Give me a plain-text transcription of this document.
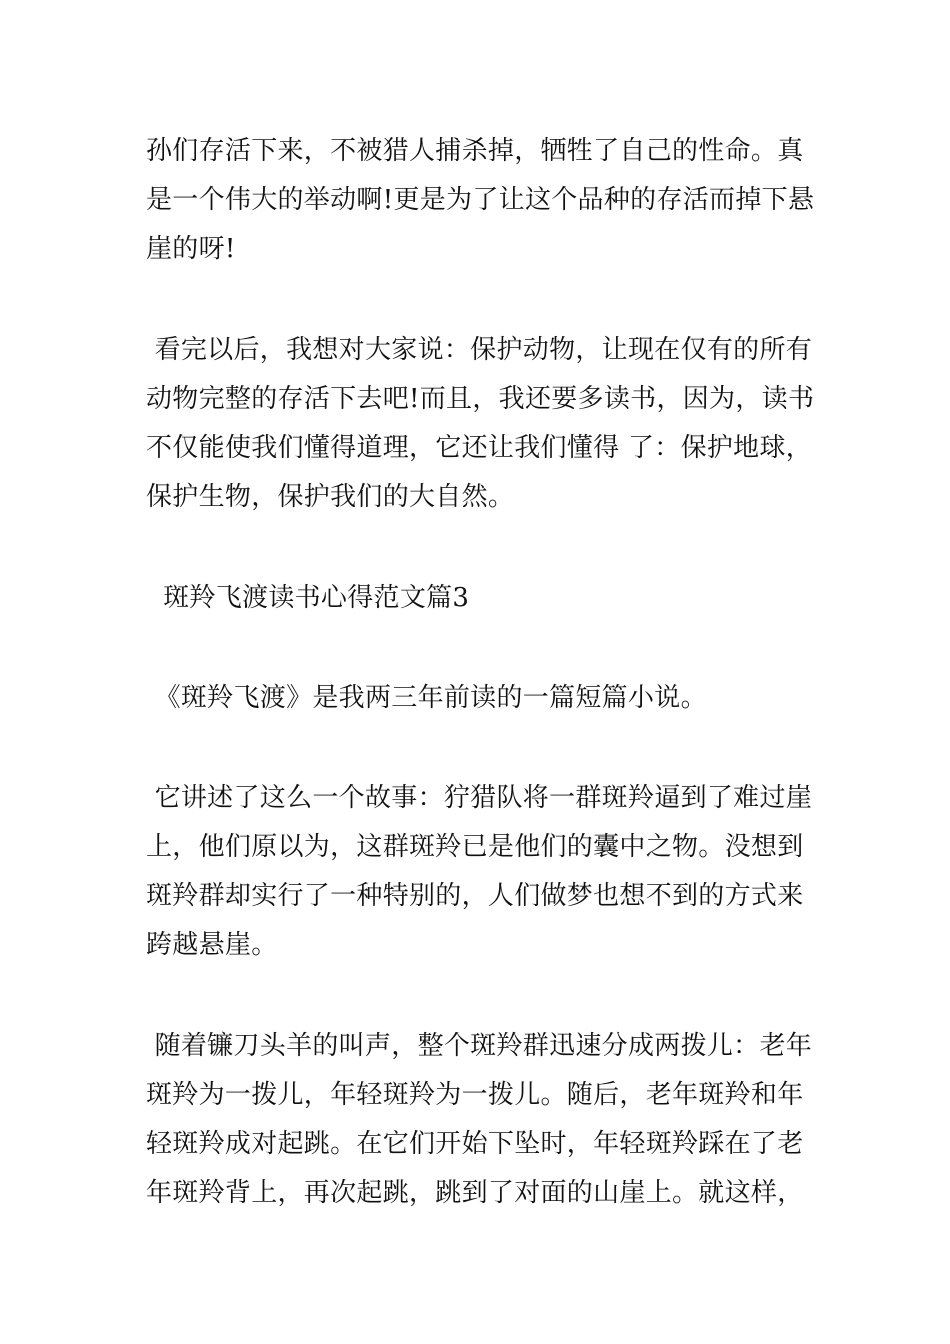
孙们存活下来，不被猎人捕杀掉，牺牲了自己的性命。真
是一个伟大的举动啊!更是为了让这个品种的存活而掉下悬
崖的呀!
看完以后，我想对大家说：保护动物，让现在仅有的所有
动物完整的存活下去吧!而且，我还要多读书，因为，读书
不仅能使我们懂得道理，它还让我们懂得 了：保护地球，
保护生物，保护我们的大自然。
斑羚飞渡读书心得范文篇3
《斑羚飞渡》是我两三年前读的一篇短篇小说。
它讲述了这么一个故事：狞猎队将一群斑羚逼到了难过崖
上，他们原以为，这群斑羚已是他们的囊中之物。没想到
斑羚群却实行了一种特别的，人们做梦也想不到的方式来
跨越悬崖。
随着镰刀头羊的叫声，整个斑羚群迅速分成两拨儿：老年
斑羚为一拨儿，年轻斑羚为一拨儿。随后，老年斑羚和年
轻斑羚成对起跳。在它们开始下坠时，年轻斑羚踩在了老
年斑羚背上，再次起跳，跳到了对面的山崖上。就这样，
